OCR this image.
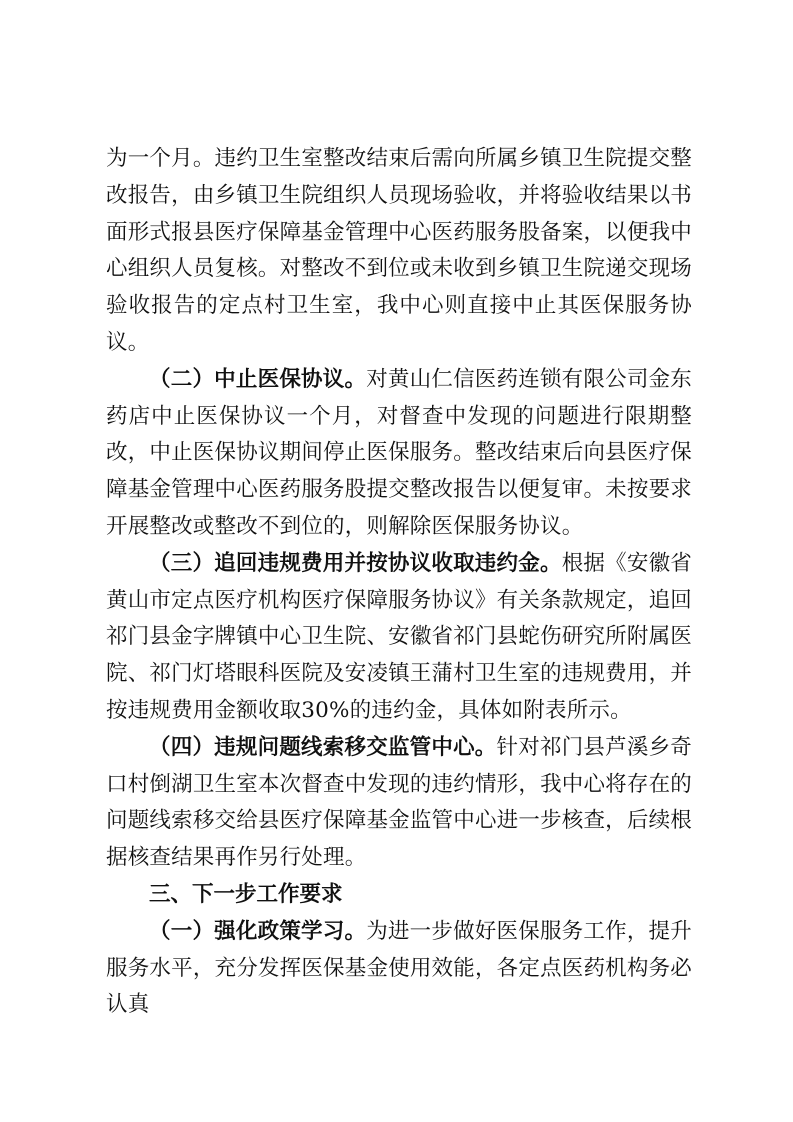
为一个月。违约卫生室整改结束后需向所属乡镇卫生院提交整改报告，由乡镇卫生院组织人员现场验收，并将验收结果以书面形式报县医疗保障基金管理中心医药服务股备案，以便我中心组织人员复核。对整改不到位或未收到乡镇卫生院递交现场验收报告的定点村卫生室，我中心则直接中止其医保服务协议。

（二）中止医保协议。对黄山仁信医药连锁有限公司金东药店中止医保协议一个月，对督查中发现的问题进行限期整改，中止医保协议期间停止医保服务。整改结束后向县医疗保障基金管理中心医药服务股提交整改报告以便复审。未按要求开展整改或整改不到位的，则解除医保服务协议。

（三）追回违规费用并按协议收取违约金。根据《安徽省黄山市定点医疗机构医疗保障服务协议》有关条款规定，追回祁门县金字牌镇中心卫生院、安徽省祁门县蛇伤研究所附属医院、祁门灯塔眼科医院及安凌镇王蒲村卫生室的违规费用，并按违规费用金额收取30%的违约金，具体如附表所示。

（四）违规问题线索移交监管中心。针对祁门县芦溪乡奇口村倒湖卫生室本次督查中发现的违约情形，我中心将存在的问题线索移交给县医疗保障基金监管中心进一步核查，后续根据核查结果再作另行处理。

三、下一步工作要求

（一）强化政策学习。为进一步做好医保服务工作，提升服务水平，充分发挥医保基金使用效能，各定点医药机构务必认真
